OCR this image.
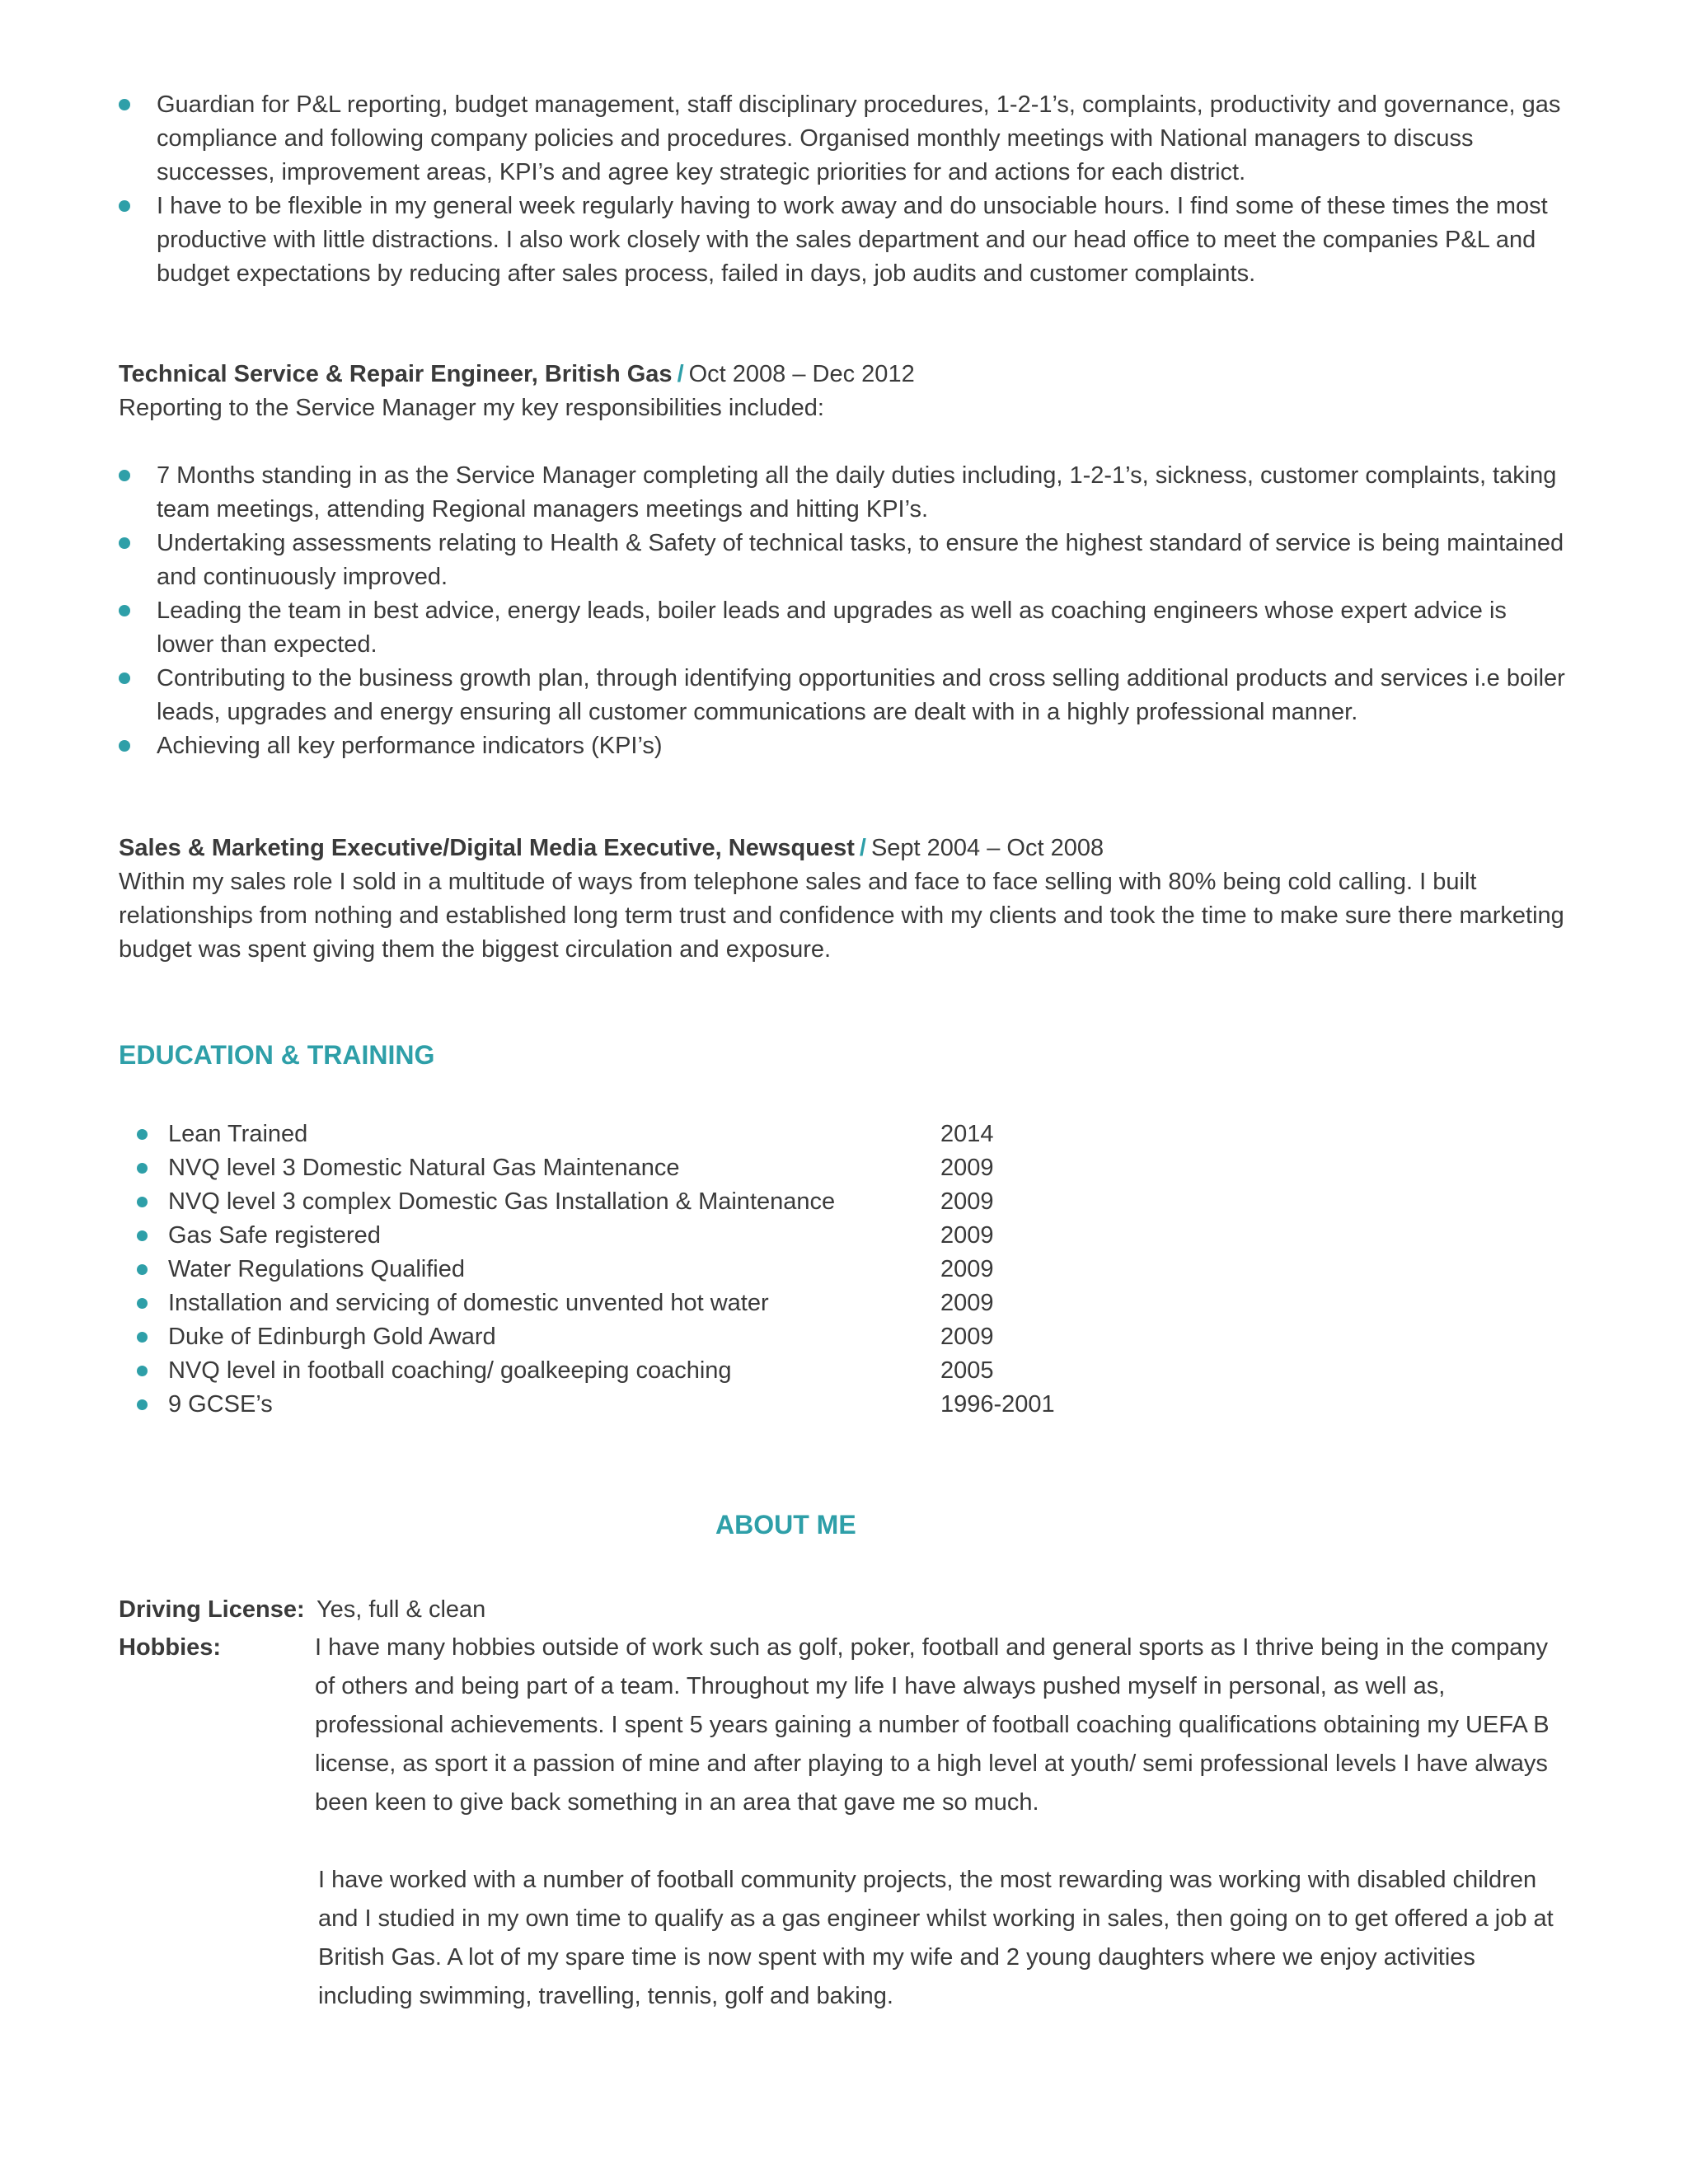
Guardian for P&L reporting, budget management, staff disciplinary procedures, 1-2-1’s, complaints, productivity and governance, gas compliance and following company policies and procedures. Organised monthly meetings with National managers to discuss successes, improvement areas, KPI’s and agree key strategic priorities for and actions for each district.
I have to be flexible in my general week regularly having to work away and do unsociable hours. I find some of these times the most productive with little distractions. I also work closely with the sales department and our head office to meet the companies P&L and budget expectations by reducing after sales process, failed in days, job audits and customer complaints.
Technical Service & Repair Engineer, British Gas / Oct 2008 – Dec 2012
Reporting to the Service Manager my key responsibilities included:
7 Months standing in as the Service Manager completing all the daily duties including, 1-2-1’s, sickness, customer complaints, taking team meetings, attending Regional managers meetings and hitting KPI’s.
Undertaking assessments relating to Health & Safety of technical tasks, to ensure the highest standard of service is being maintained and continuously improved.
Leading the team in best advice, energy leads, boiler leads and upgrades as well as coaching engineers whose expert advice is lower than expected.
Contributing to the business growth plan, through identifying opportunities and cross selling additional products and services i.e boiler leads, upgrades and energy ensuring all customer communications are dealt with in a highly professional manner.
Achieving all key performance indicators (KPI’s)
Sales & Marketing Executive/Digital Media Executive, Newsquest / Sept 2004 – Oct 2008
Within my sales role I sold in a multitude of ways from telephone sales and face to face selling with 80% being cold calling. I built relationships from nothing and established long term trust and confidence with my clients and took the time to make sure there marketing budget was spent giving them the biggest circulation and exposure.
EDUCATION & TRAINING
Lean Trained	2014
NVQ level 3 Domestic Natural Gas Maintenance	2009
NVQ level 3 complex Domestic Gas Installation & Maintenance	2009
Gas Safe registered	2009
Water Regulations Qualified	2009
Installation and servicing of domestic unvented hot water	2009
Duke of Edinburgh Gold Award	2009
NVQ level in football coaching/ goalkeeping coaching	2005
9 GCSE’s	1996-2001
ABOUT ME
Driving License: Yes, full & clean
Hobbies:	I have many hobbies outside of work such as golf, poker, football and general sports as I thrive being in the company of others and being part of a team. Throughout my life I have always pushed myself in personal, as well as, professional achievements. I spent 5 years gaining a number of football coaching qualifications obtaining my UEFA B license, as sport it a passion of mine and after playing to a high level at youth/ semi professional levels I have always been keen to give back something in an area that gave me so much.
I have worked with a number of football community projects, the most rewarding was working with disabled children and I studied in my own time to qualify as a gas engineer whilst working in sales, then going on to get offered a job at British Gas. A lot of my spare time is now spent with my wife and 2 young daughters where we enjoy activities including swimming, travelling, tennis, golf and baking.
